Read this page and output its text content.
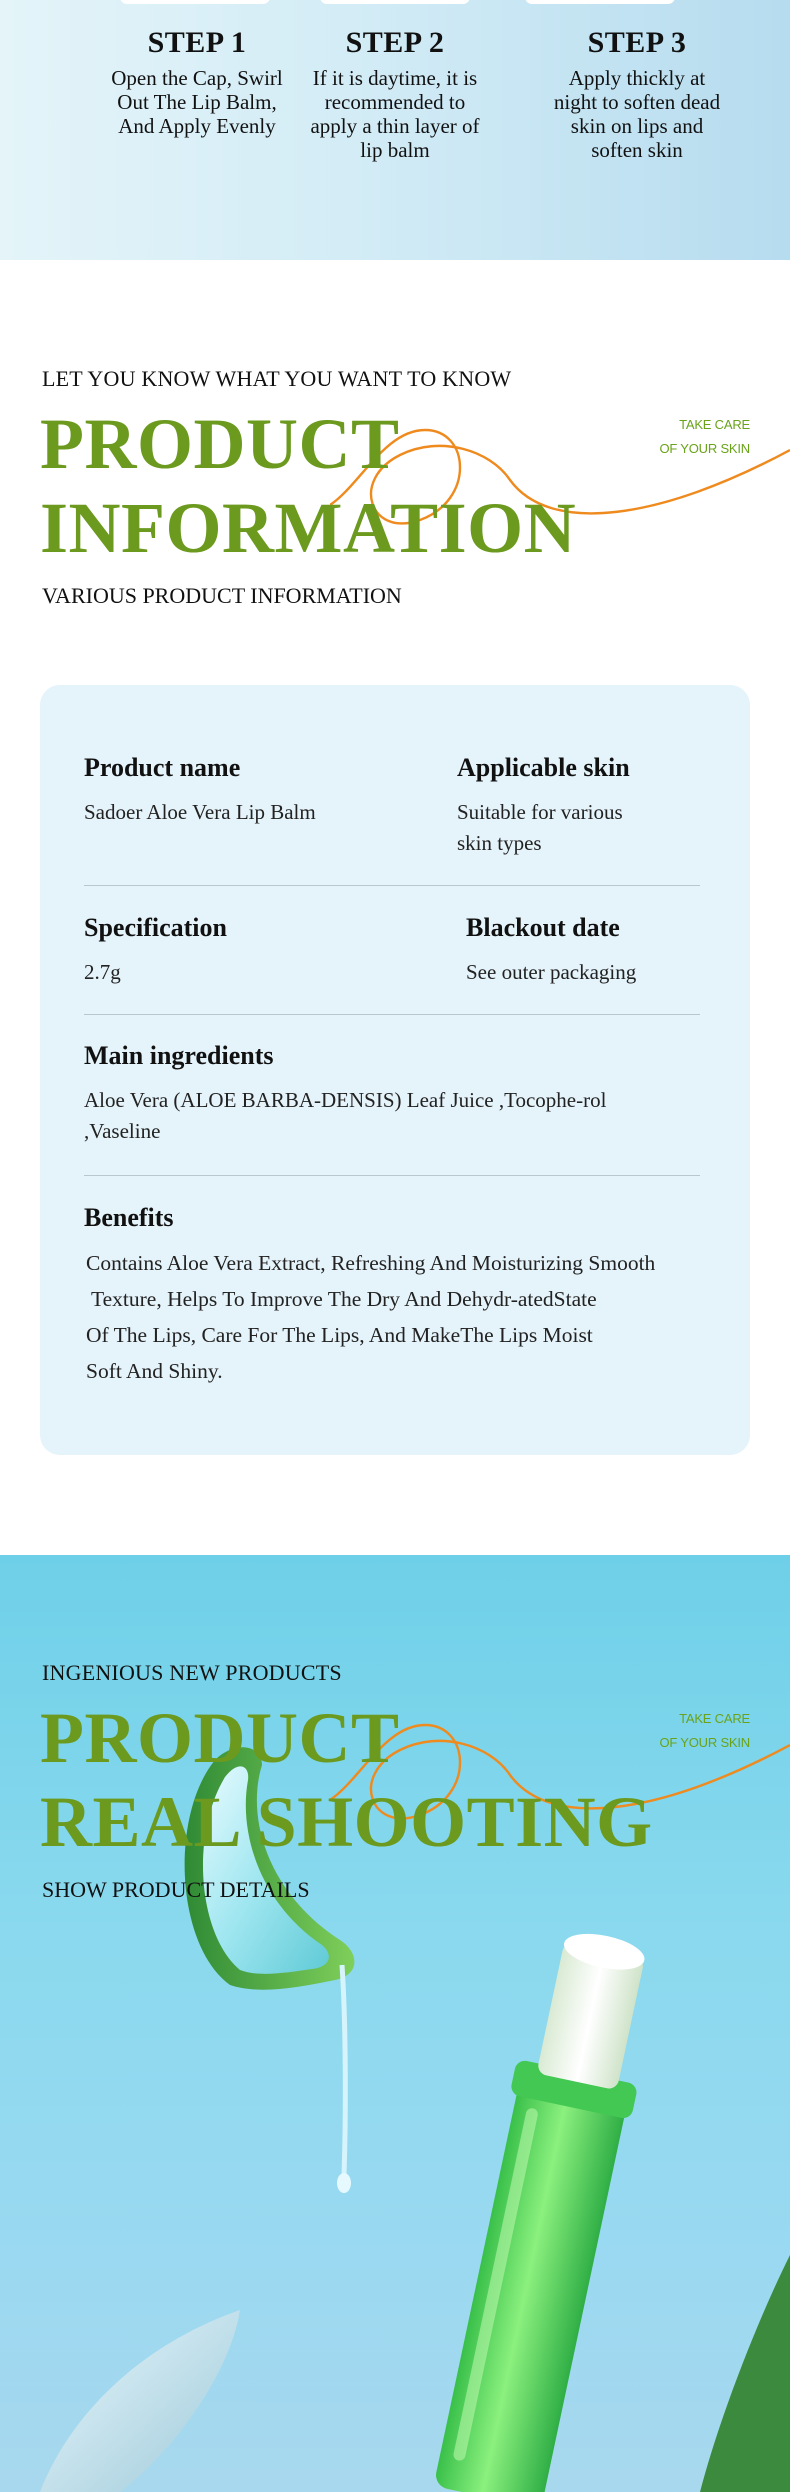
STEP 1
Open the Cap, Swirl
Out The Lip Balm,
And Apply Evenly
STEP 2
If it is daytime, it is
recommended to
apply a thin layer of
lip balm
STEP 3
Apply thickly at
night to soften dead
skin on lips and
soften skin
LET YOU KNOW WHAT YOU WANT TO KNOW
PRODUCT
INFORMATION
VARIOUS PRODUCT INFORMATION
TAKE CARE
OF YOUR SKIN
Product name
Sadoer Aloe Vera Lip Balm
Applicable skin
Suitable for various
skin types
Specification
2.7g
Blackout date
See outer packaging
Main ingredients
Aloe Vera (ALOE BARBA-DENSIS) Leaf Juice ,Tocophe-rol
,Vaseline
Benefits
Contains Aloe Vera Extract, Refreshing And Moisturizing Smooth
Texture, Helps To Improve The Dry And Dehydr-atedState
Of The Lips, Care For The Lips, And MakeThe Lips Moist
Soft And Shiny.
INGENIOUS NEW PRODUCTS
PRODUCT
REAL SHOOTING
SHOW PRODUCT DETAILS
TAKE CARE
OF YOUR SKIN
